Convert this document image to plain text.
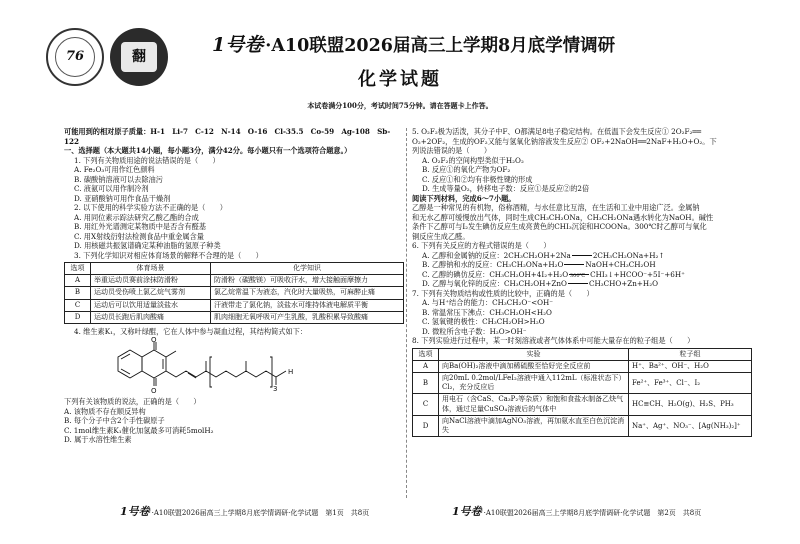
76	翻
1号卷 ·A10联盟2026届高三上学期8月底学情调研
化学试题
本试卷满分100分，考试时间75分钟。请在答题卡上作答。

可能用到的相对原子质量：H-1　Li-7　C-12　N-14　O-16　Cl-35.5　Co-59　Ag-108　Sb-122

一、选择题（本大题共14小题，每小题3分，满分42分。每小题只有一个选项符合题意。）

1. 下列有关物质用途的说法错误的是（　　）

A. Fe₂O₃可用作红色颜料

B. 碳酸钠溶液可以去除油污

C. 液氨可以用作制冷剂

D. 亚硝酸钠可用作食品干燥剂

2. 以下使用的科学实验方法不正确的是（　　）

A. 用同位素示踪法研究乙酸乙酯的合成

B. 用红外光谱测定某物质中是否含有醛基

C. 用X射线衍射法检测食品中重金属含量

D. 用核磁共振氢谱确定某种油脂的氢原子种类

3. 下列化学知识对相应体育场景的解释不合理的是（　　）

选项	体育场景	化学知识
A	举重运动员赛前涂抹防滑粉	防滑粉（碳酸镁）可吸收汗水，增大接触面摩擦力
B	运动员受伤喷上氯乙烷气雾剂	氯乙烷常温下为液态，汽化时大量吸热，可麻醉止痛
C	运动后可以饮用适量淡盐水	汗液带走了氯化钠，淡盐水可维持体液电解质平衡
D	运动员长跑后肌肉酸痛	肌肉细胞无氧呼吸可产生乳酸，乳酸积累导致酸痛

4. 维生素K₁，又称叶绿醌，它在人体中参与凝血过程，其结构简式如下：

O
O	3
H

下列有关该物质的说法，正确的是（　　）

A. 该物质不存在顺反异构

B. 每个分子中含2个手性碳原子

C. 1mol维生素K₁催化加氢最多可消耗5molH₂

D. 属于水溶性维生素

5. O₂F₂极为活泼，其分子中F、O都满足8电子稳定结构。在低温下会发生反应① 2O₂F₂══

O₂+2OF₂，生成的OF₂又能与氢氧化钠溶液发生反应② OF₂+2NaOH══2NaF+H₂O+O₂。下

列说法错误的是（　　）

A. O₂F₂的空间构型类似于H₂O₂

B. 反应①的氧化产物为OF₂

C. 反应①和②均有非极性键的形成

D. 生成等量O₂，转移电子数：反应①是反应②的2倍

阅读下列材料，完成6～7小题。

乙醇是一种常见的有机物，俗称酒精，与水任意比互溶，在生活和工业中用途广泛。金属钠

和无水乙醇可缓慢放出气体，同时生成CH₃CH₂ONa，CH₃CH₂ONa遇水转化为NaOH。碱性

条件下乙醇可与I₂发生碘仿反应生成亮黄色的CHI₃沉淀和HCOONa。300℃时乙醇可与氧化

铜反应生成乙醛。

6. 下列有关反应的方程式错误的是（　　）

A. 乙醇和金属钠的反应：2CH₃CH₂OH+2Na	2CH₃CH₂ONa+H₂↑

B. 乙醇钠和水的反应：CH₃CH₂ONa+H₂O	NaOH+CH₃CH₂OH

C. 乙醇的碘仿反应：CH₃CH₂OH+4I₂+H₂O	CHI₃↓+HCOO⁻+5I⁻+6H⁺

D. 乙醇与氧化锌的反应：CH₃CH₂OH+ZnO
300℃
CH₃CHO+Zn+H₂O

7. 下列有关物质结构或性质的比较中，正确的是（　　）

A. 与H⁺结合的能力：CH₃CH₂O⁻<OH⁻

B. 常温常压下沸点：CH₃CH₂OH<H₂O

C. 氢氧键的极性：CH₃CH₂OH>H₂O

D. 微粒所含电子数：H₂O>OH⁻

8. 下列实验进行过程中，某一时刻溶液或者气体体系中可能大量存在的粒子组是（　　）

选项	实验	粒子组
A	向Ba(OH)₂溶液中滴加稀硫酸至恰好完全反应前	H⁺、Ba²⁺、OH⁻、H₂O
B	向20mL 0.2mol/LFeI₂溶液中通入112mL（标准状态下）Cl₂，充分反应后	Fe²⁺、Fe³⁺、Cl⁻、I₂
C	用电石（含CaS、Ca₃P₂等杂质）和饱和食盐水制备乙炔气体，通过足量CuSO₄溶液后的气体中	HC≡CH、H₂O(g)、H₂S、PH₃
D	向NaCl溶液中滴加AgNO₃溶液，再加氨水直至白色沉淀消失	Na⁺、Ag⁺、NO₃⁻、[Ag(NH₃)₂]⁺
1号卷 ·A10联盟2026届高三上学期8月底学情调研·化学试题　第1页　共8页	1号卷 ·A10联盟2026届高三上学期8月底学情调研·化学试题　第2页　共8页
